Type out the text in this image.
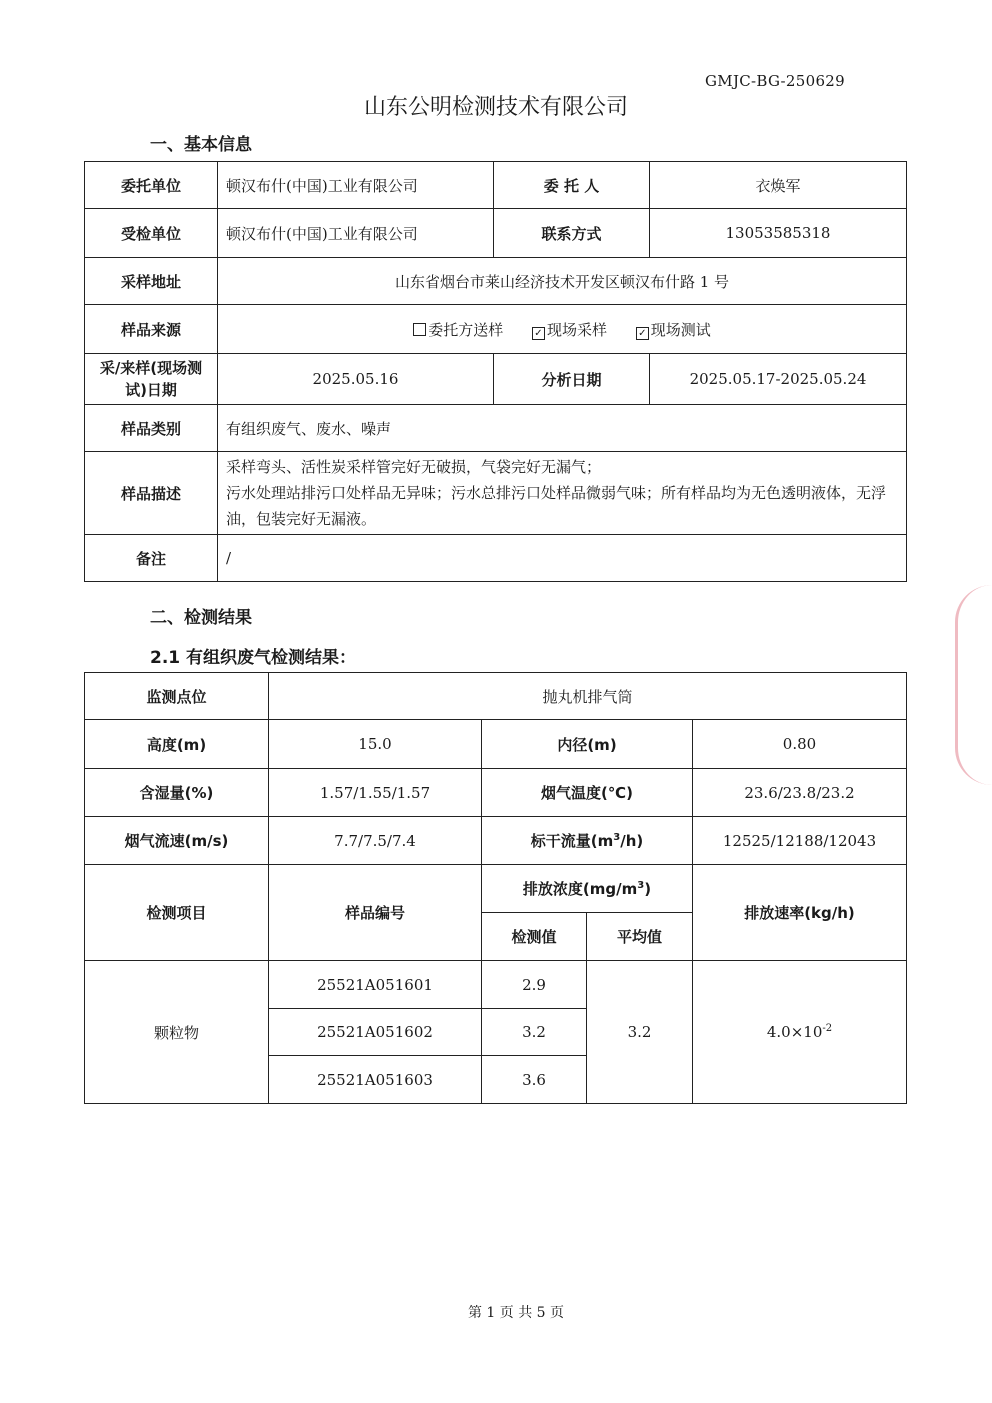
GMJC-BG-250629
山东公明检测技术有限公司
一、基本信息
委托单位	顿汉布什(中国)工业有限公司	委 托 人	衣焕军
受检单位	顿汉布什(中国)工业有限公司	联系方式	13053585318
采样地址	山东省烟台市莱山经济技术开发区顿汉布什路 1 号		
样品来源	委托方送样 ✓ 现场采样 ✓ 现场测试		
采/来样(现场测试)日期	2025.05.16	分析日期	2025.05.17-2025.05.24
样品类别	有组织废气、废水、噪声		
样品描述	采样弯头、活性炭采样管完好无破损，气袋完好无漏气；
污水处理站排污口处样品无异味；污水总排污口处样品微弱气味；所有样品均为无色透明液体，无浮油，包装完好无漏液。		

备注	/		
二、检测结果
2.1 有组织废气检测结果：
监测点位	抛丸机排气筒			
高度(m)	15.0	内径(m)		0.80
含湿量(%)	1.57/1.55/1.57	烟气温度(℃)		23.6/23.8/23.2
烟气流速(m/s)	7.7/7.5/7.4	标干流量$(m^3/h)$		12525/12188/12043
检测项目	样品编号	排放浓度$(mg/m^3)$		排放速率(kg/h)
		检测值	平均值	
颗粒物	25521A051601	2.9	3.2	$4.0\times 10^{-2}$
	25521A051602	3.2		
	25521A051603	3.6		
第 1 页 共 5 页
